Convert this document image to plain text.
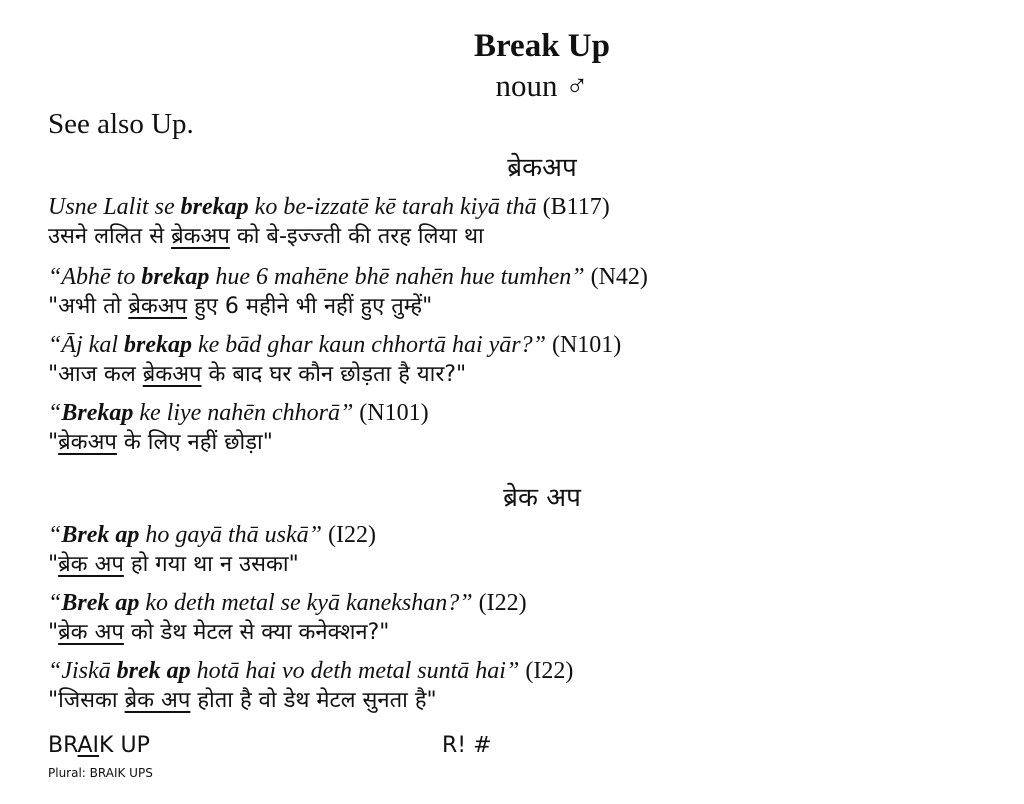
Break Up
noun ♂
See also Up.
ब्रेकअप
Usne Lalit se brekap ko be-izzatē kē tarah kiyā thā (B117)
उसने ललित से ब्रेकअप को बे-इज्ज्ती की तरह लिया था
“Abhē to brekap hue 6 mahēne bhē nahēn hue tumhen” (N42)
"अभी तो ब्रेकअप हुए 6 महीने भी नहीं हुए तुम्हें"
“Āj kal brekap ke bād ghar kaun chhortā hai yār?” (N101)
"आज कल ब्रेकअप के बाद घर कौन छोड़ता है यार?"
“Brekap ke liye nahēn chhorā” (N101)
"ब्रेकअप के लिए नहीं छोड़ा"
ब्रेक अप
“Brek ap ho gayā thā uskā” (I22)
"ब्रेक अप हो गया था न उसका"
“Brek ap ko deth metal se kyā kanekshan?” (I22)
"ब्रेक अप को डेथ मेटल से क्या कनेक्शन?"
“Jiskā brek ap hotā hai vo deth metal suntā hai” (I22)
"जिसका ब्रेक अप होता है वो डेथ मेटल सुनता है"
BRAIK UP	R! #
Plural: BRAIK UPS
